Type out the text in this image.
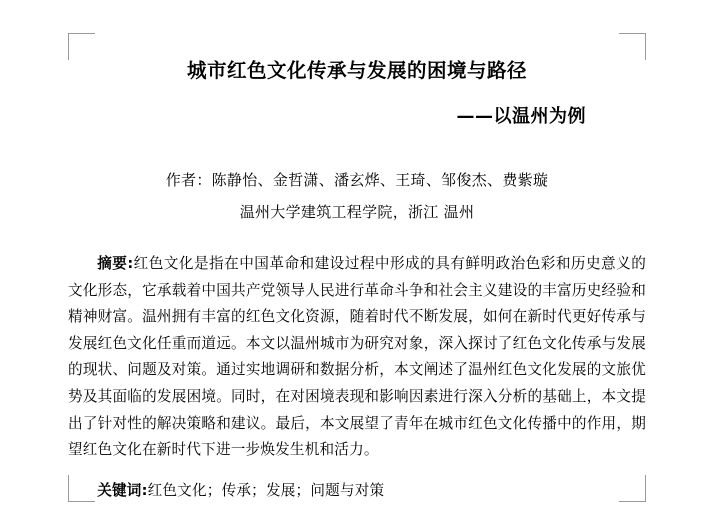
城市红色文化传承与发展的困境与路径
——以温州为例
作者：陈静怡、金哲潇、潘玄烨、王琦、邹俊杰、费紫璇
温州大学建筑工程学院，浙江 温州

摘要:红色文化是指在中国革命和建设过程中形成的具有鲜明政治色彩和历史意义的文化形态，它承载着中国共产党领导人民进行革命斗争和社会主义建设的丰富历史经验和精神财富。温州拥有丰富的红色文化资源，随着时代不断发展，如何在新时代更好传承与发展红色文化任重而道远。本文以温州城市为研究对象，深入探讨了红色文化传承与发展的现状、问题及对策。通过实地调研和数据分析，本文阐述了温州红色文化发展的文旅优势及其面临的发展困境。同时，在对困境表现和影响因素进行深入分析的基础上，本文提出了针对性的解决策略和建议。最后，本文展望了青年在城市红色文化传播中的作用，期望红色文化在新时代下进一步焕发生机和活力。

关键词:红色文化；传承；发展；问题与对策
